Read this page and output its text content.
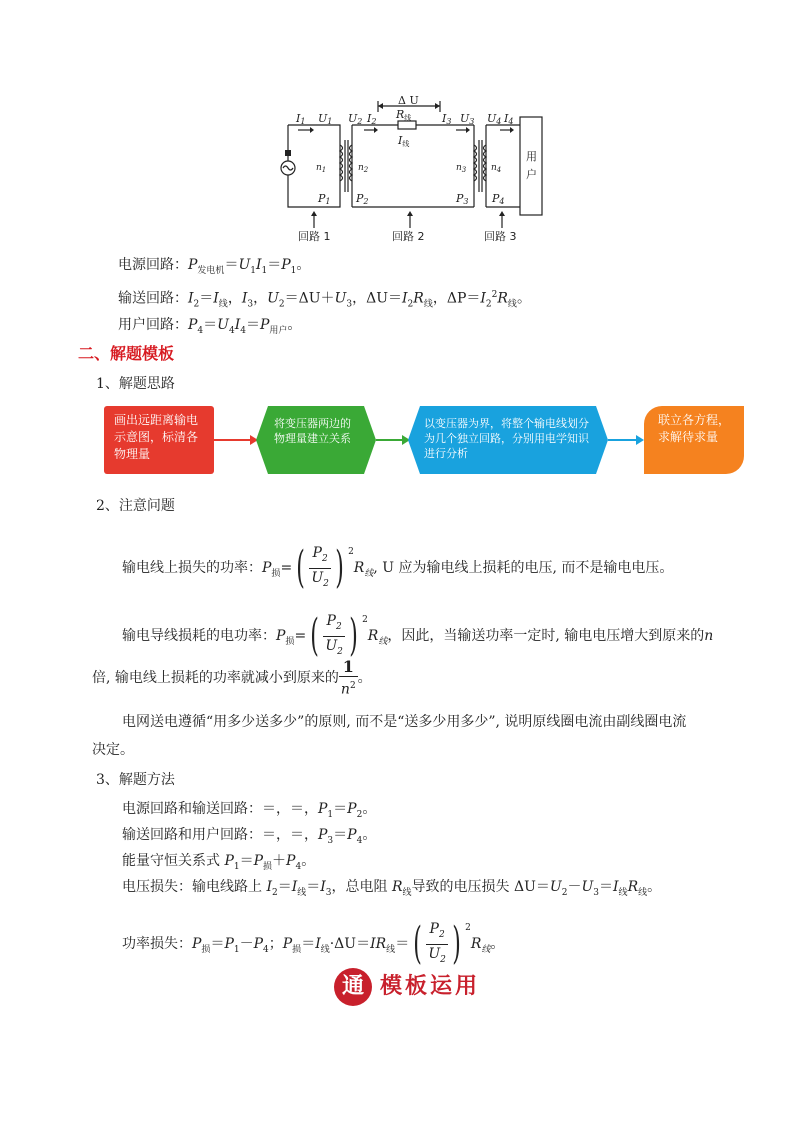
I1 U1 U2 I2
Δ U
R线
I线
I3 U3 U4 I4
$n_1$	$n_2$	$n_3$	$n_4$
P1 P2	P3 P4
用
户
回路 1	回路 2	回路 3
电源回路：$P_{发电机}=U_1I_1=P_1$。
输送回路：$I_2=I_线$，$I_3$，$U_2=\Delta U+U_3$，$\Delta U=I_2R_线$，$\Delta P=I_2^2R_线$。
用户回路：$P_4=U_4I_4=P_{用户}$。
二、解题模板
1、解题思路
画出远距离输电示意图，标清各物理量
将变压器两边的物理量建立关系
以变压器为界，将整个输电线划分为几个独立回路，分别用电学知识进行分析
联立各方程，求解待求量
2、注意问题
输电线上损失的功率：$P_损=( \frac{P_2}{U_2}$ ) $^2R_线$, U 应为输电线上损耗的电压, 而不是输电电压。
输电导线损耗的电功率：$P_损=( \frac{P_2}{U_2}$ ) $^2R_线$，因此，当输送功率一定时, 输电电压增大到原来的n
倍, 输电线上损耗的功率就减小到原来的 $\frac{1}{n^2}$ 。
电网送电遵循“用多少送多少”的原则, 而不是“送多少用多少”, 说明原线圈电流由副线圈电流
决定。
3、解题方法
电源回路和输送回路：＝，＝，$P_1=P_2$。
输送回路和用户回路：＝，＝，$P_3=P_4$。
能量守恒关系式 $P_1=P_损+P_4$。
电压损失：输电线路上 $I_2=I_线=I_3$，总电阻 $R_线$导致的电压损失 $\Delta U=U_2-U_3=I_线R_线$。
功率损失：$P_损=P_1-P_4$；$P_损=I_线\cdot\Delta U=IR_线=( \frac{P_2}{U_2}$ ) $^2R_线$。
通 模板运用
